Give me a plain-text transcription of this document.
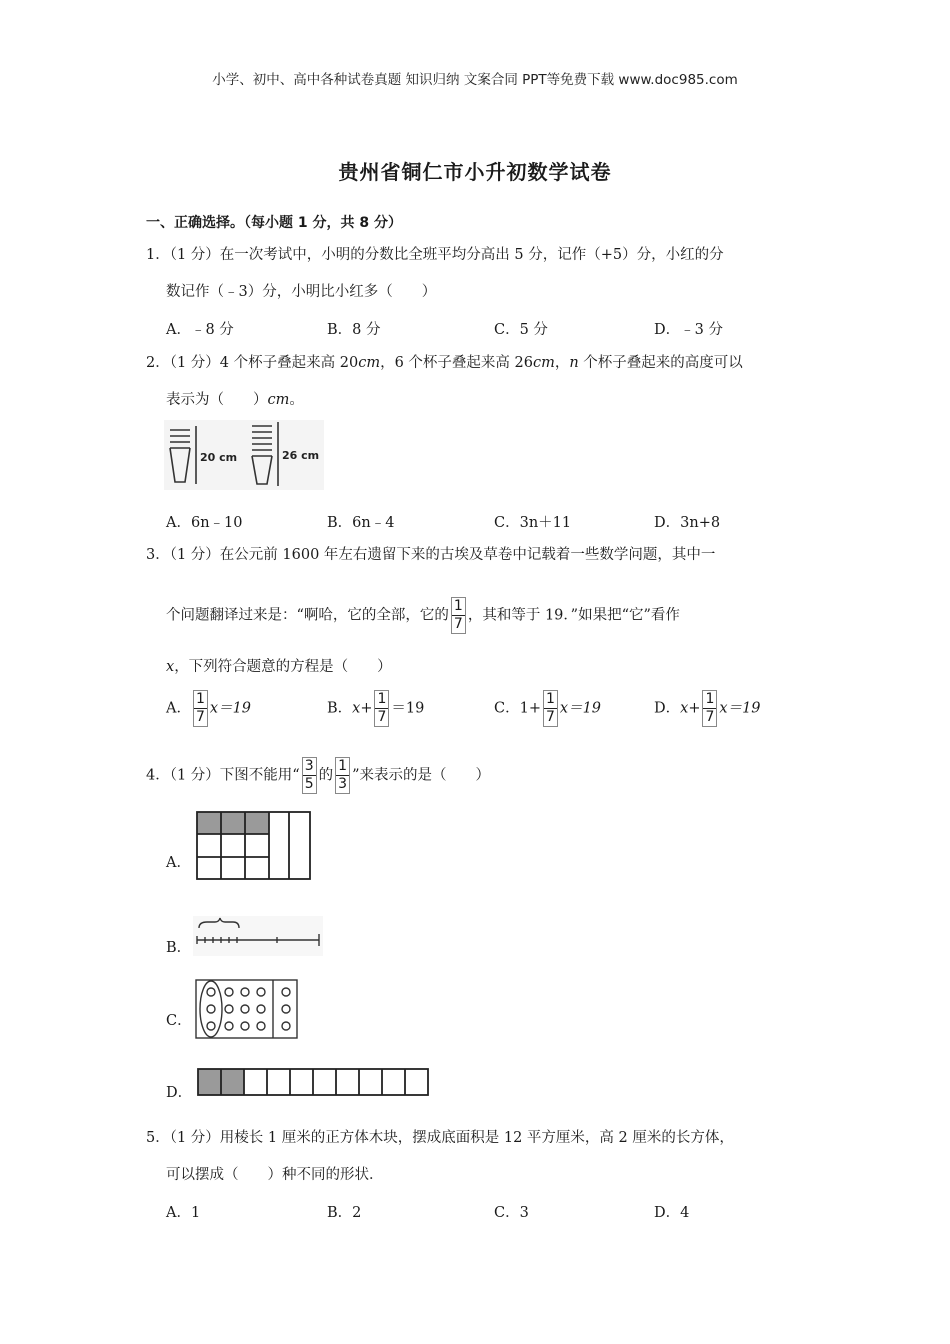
小学、初中、高中各种试卷真题 知识归纳 文案合同 PPT等免费下载 www.doc985.com
贵州省铜仁市小升初数学试卷
一、正确选择。（每小题 1 分，共 8 分）
1．（1 分）在一次考试中，小明的分数比全班平均分高出 5 分，记作（+5）分，小红的分
数记作（﹣3）分，小明比小红多（　　）
A．﹣8 分	B．8 分	C．5 分	D．﹣3 分
2．（1 分）4 个杯子叠起来高 20cm，6 个杯子叠起来高 26cm，n 个杯子叠起来的高度可以
表示为（　　）cm。
20 cm	26 cm
A．6n﹣10	B．6n﹣4	C．3n＋11	D．3n+8
3．（1 分）在公元前 1600 年左右遗留下来的古埃及草卷中记载着一些数学问题，其中一
个问题翻译过来是：“啊哈，它的全部，它的 $\frac{1}{7}$ ，其和等于 19．”如果把“它”看作
x，下列符合题意的方程是（　　）
A． $\frac{1}{7} x=19$	B．$x+ \frac{1}{7} =19$	C．$1+ \frac{1}{7} x=19$	D．$x+ \frac{1}{7} x=19$
4．（1 分）下图不能用“ $\frac{3}{5}$ 的 $\frac{1}{3}$ ”来表示的是（　　）
A．
B．
C．
D．
5．（1 分）用棱长 1 厘米的正方体木块，摆成底面积是 12 平方厘米，高 2 厘米的长方体，
可以摆成（　　）种不同的形状．
A．1	B．2	C．3	D．4
